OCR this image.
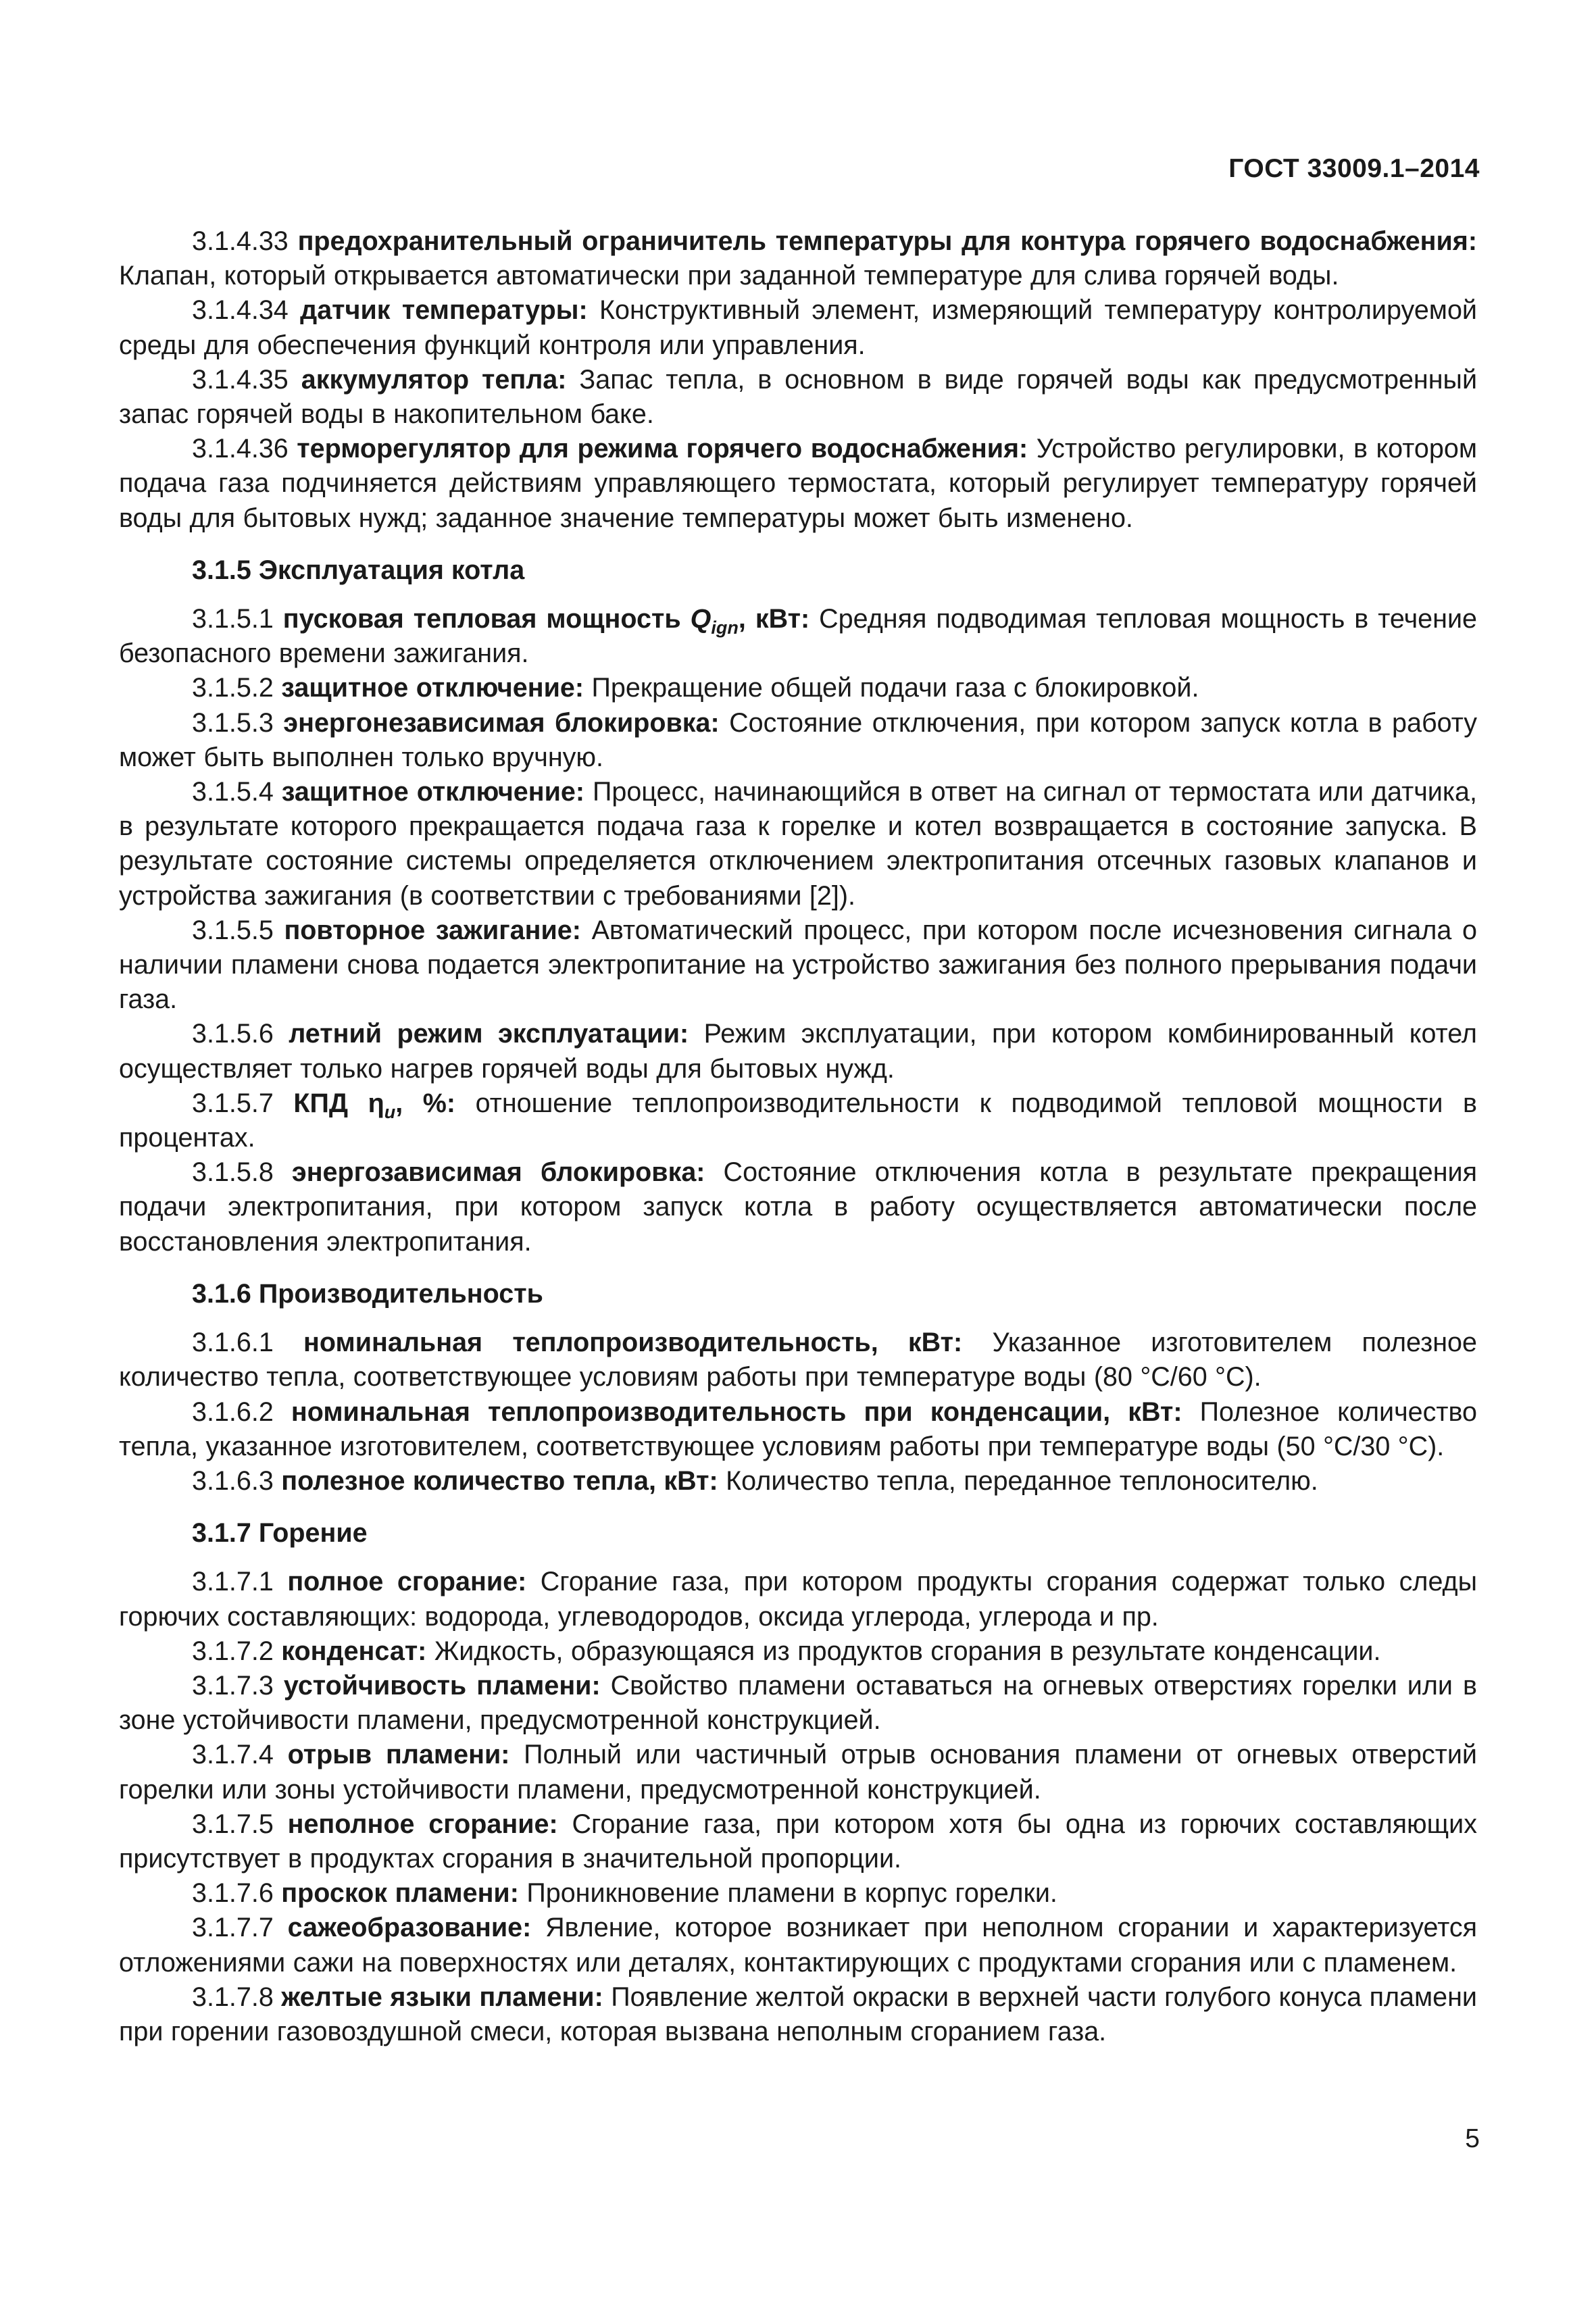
ГОСТ 33009.1–2014

3.1.4.33 предохранительный ограничитель температуры для контура горячего водоснабжения: Клапан, который открывается автоматически при заданной температуре для слива горячей воды.

3.1.4.34 датчик температуры: Конструктивный элемент, измеряющий температуру контролируемой среды для обеспечения функций контроля или управления.

3.1.4.35 аккумулятор тепла: Запас тепла, в основном в виде горячей воды как предусмотренный запас горячей воды в накопительном баке.

3.1.4.36 терморегулятор для режима горячего водоснабжения: Устройство регулировки, в котором подача газа подчиняется действиям управляющего термостата, который регулирует температуру горячей воды для бытовых нужд; заданное значение температуры может быть изменено.

3.1.5 Эксплуатация котла

3.1.5.1 пусковая тепловая мощность $Q_{ign}$, кВт: Средняя подводимая тепловая мощность в течение безопасного времени зажигания.

3.1.5.2 защитное отключение: Прекращение общей подачи газа с блокировкой.

3.1.5.3 энергонезависимая блокировка: Состояние отключения, при котором запуск котла в работу может быть выполнен только вручную.

3.1.5.4 защитное отключение: Процесс, начинающийся в ответ на сигнал от термостата или датчика, в результате которого прекращается подача газа к горелке и котел возвращается в состояние запуска. В результате состояние системы определяется отключением электропитания отсечных газовых клапанов и устройства зажигания (в соответствии с требованиями [2]).

3.1.5.5 повторное зажигание: Автоматический процесс, при котором после исчезновения сигнала о наличии пламени снова подается электропитание на устройство зажигания без полного прерывания подачи газа.

3.1.5.6 летний режим эксплуатации: Режим эксплуатации, при котором комбинированный котел осуществляет только нагрев горячей воды для бытовых нужд.

3.1.5.7 КПД $\eta_u$, %: отношение теплопроизводительности к подводимой тепловой мощности в процентах.

3.1.5.8 энергозависимая блокировка: Состояние отключения котла в результате прекращения подачи электропитания, при котором запуск котла в работу осуществляется автоматически после восстановления электропитания.

3.1.6 Производительность

3.1.6.1 номинальная теплопроизводительность, кВт: Указанное изготовителем полезное количество тепла, соответствующее условиям работы при температуре воды (80 °С/60 °С).

3.1.6.2 номинальная теплопроизводительность при конденсации, кВт: Полезное количество тепла, указанное изготовителем, соответствующее условиям работы при температуре воды (50 °С/30 °С).

3.1.6.3 полезное количество тепла, кВт: Количество тепла, переданное теплоносителю.

3.1.7 Горение

3.1.7.1 полное сгорание: Сгорание газа, при котором продукты сгорания содержат только следы горючих составляющих: водорода, углеводородов, оксида углерода, углерода и пр.

3.1.7.2 конденсат: Жидкость, образующаяся из продуктов сгорания в результате конденсации.

3.1.7.3 устойчивость пламени: Свойство пламени оставаться на огневых отверстиях горелки или в зоне устойчивости пламени, предусмотренной конструкцией.

3.1.7.4 отрыв пламени: Полный или частичный отрыв основания пламени от огневых отверстий горелки или зоны устойчивости пламени, предусмотренной конструкцией.

3.1.7.5 неполное сгорание: Сгорание газа, при котором хотя бы одна из горючих составляющих присутствует в продуктах сгорания в значительной пропорции.

3.1.7.6 проскок пламени: Проникновение пламени в корпус горелки.

3.1.7.7 сажеобразование: Явление, которое возникает при неполном сгорании и характеризуется отложениями сажи на поверхностях или деталях, контактирующих с продуктами сгорания или с пламенем.

3.1.7.8 желтые языки пламени: Появление желтой окраски в верхней части голубого конуса пламени при горении газовоздушной смеси, которая вызвана неполным сгоранием газа.

5
